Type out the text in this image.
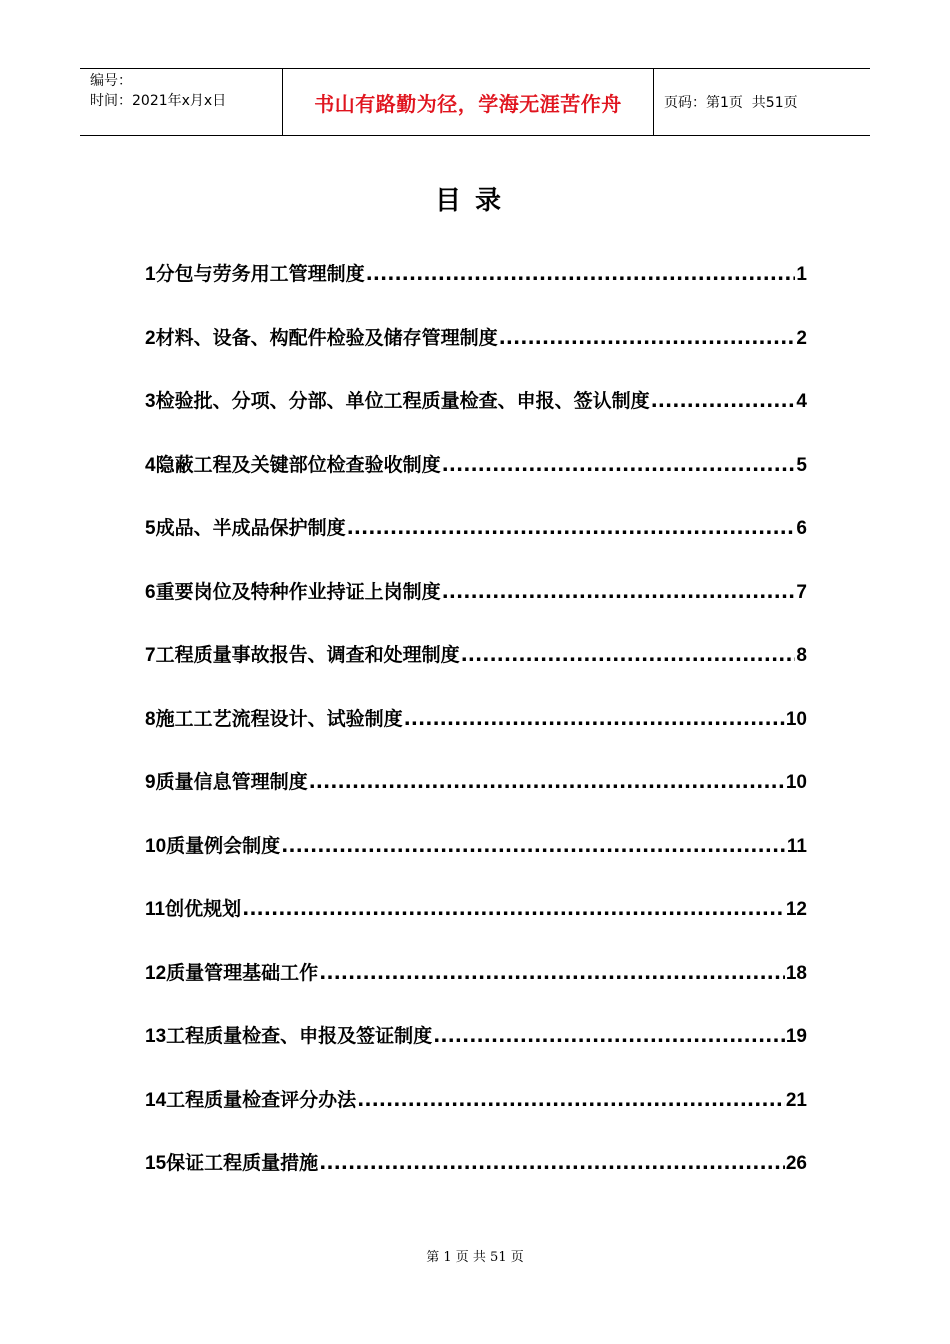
编号：
时间：2021年x月x日	书山有路勤为径，学海无涯苦作舟	页码：第1页  共51页
目录
1 分包与劳务用工管理制度 .....	1
2 材料、设备、构配件检验及储存管理制度 .....	2
3 检验批、分项、分部、单位工程质量检查、申报、签认制度 .....	4
4 隐蔽工程及关键部位检查验收制度 .....	5
5 成品、半成品保护制度 .....	6
6 重要岗位及特种作业持证上岗制度 .....	7
7 工程质量事故报告、调查和处理制度 .....	8
8 施工工艺流程设计、试验制度 .....	10
9 质量信息管理制度 .....	10
10 质量例会制度 .....	11
11 创优规划 .....	12
12 质量管理基础工作 .....	18
13 工程质量检查、申报及签证制度 .....	19
14 工程质量检查评分办法 .....	21
15 保证工程质量措施 .....	26
第 1 页 共 51 页
